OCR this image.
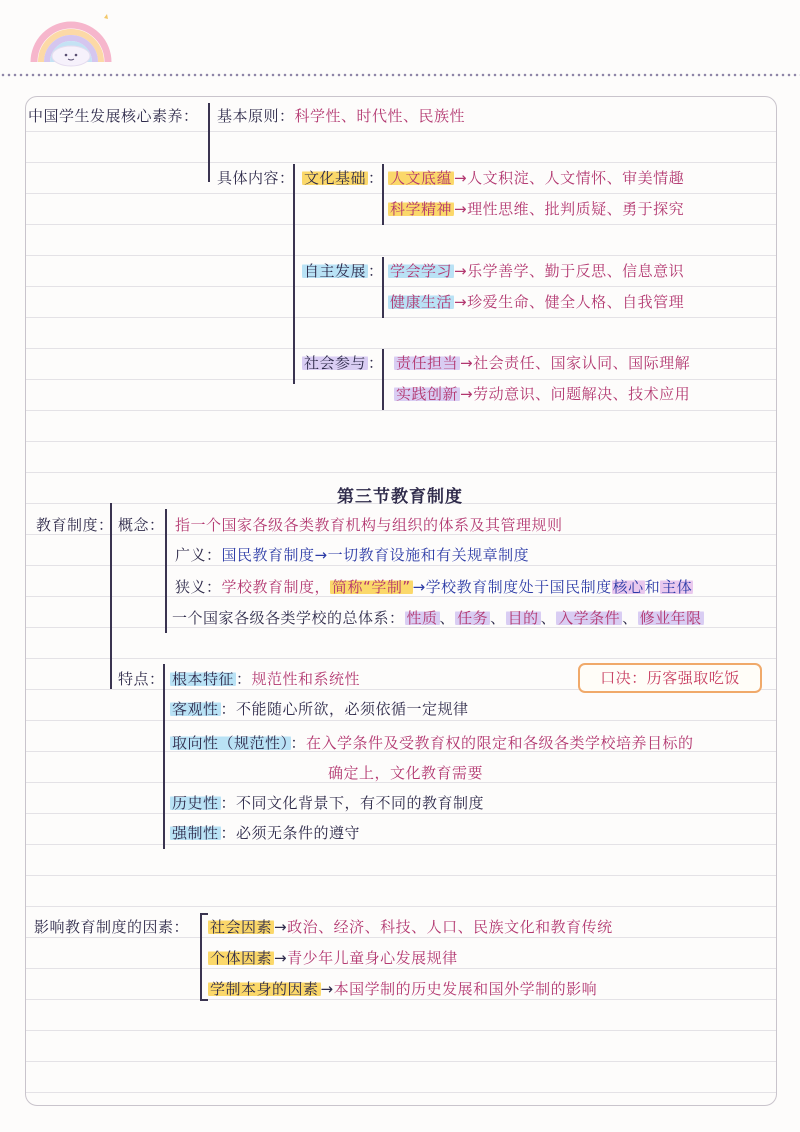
中国学生发展核心素养： 基本原则：科学性、时代性、民族性
具体内容： 文化基础 ： 人文底蕴 →人文积淀、人文情怀、审美情趣
科学精神 →理性思维、批判质疑、勇于探究
自主发展 ： 学会学习 →乐学善学、勤于反思、信息意识
健康生活 →珍爱生命、健全人格、自我管理
社会参与 ： 责任担当 →社会责任、国家认同、国际理解
实践创新 →劳动意识、问题解决、技术应用
第三节教育制度
教育制度： 概念： 指一个国家各级各类教育机构与组织的体系及其管理规则
广义：国民教育制度→一切教育设施和有关规章制度
狭义：学校教育制度， 简称“学制” →学校教育制度处于国民制度核心和主体
一个国家各级各类学校的总体系： 性质 、 任务 、 目的 、 入学条件 、 修业年限
特点：	口决：历客强取吃饭
根本特征 ：规范性和系统性
客观性 ：不能随心所欲，必须依循一定规律
取向性（规范性） ：在入学条件及受教育权的限定和各级各类学校培养目标的
确定上，文化教育需要
历史性 ：不同文化背景下，有不同的教育制度
强制性 ：必须无条件的遵守
影响教育制度的因素： 社会因素 →政治、经济、科技、人口、民族文化和教育传统
个体因素 →青少年儿童身心发展规律
学制本身的因素 →本国学制的历史发展和国外学制的影响
